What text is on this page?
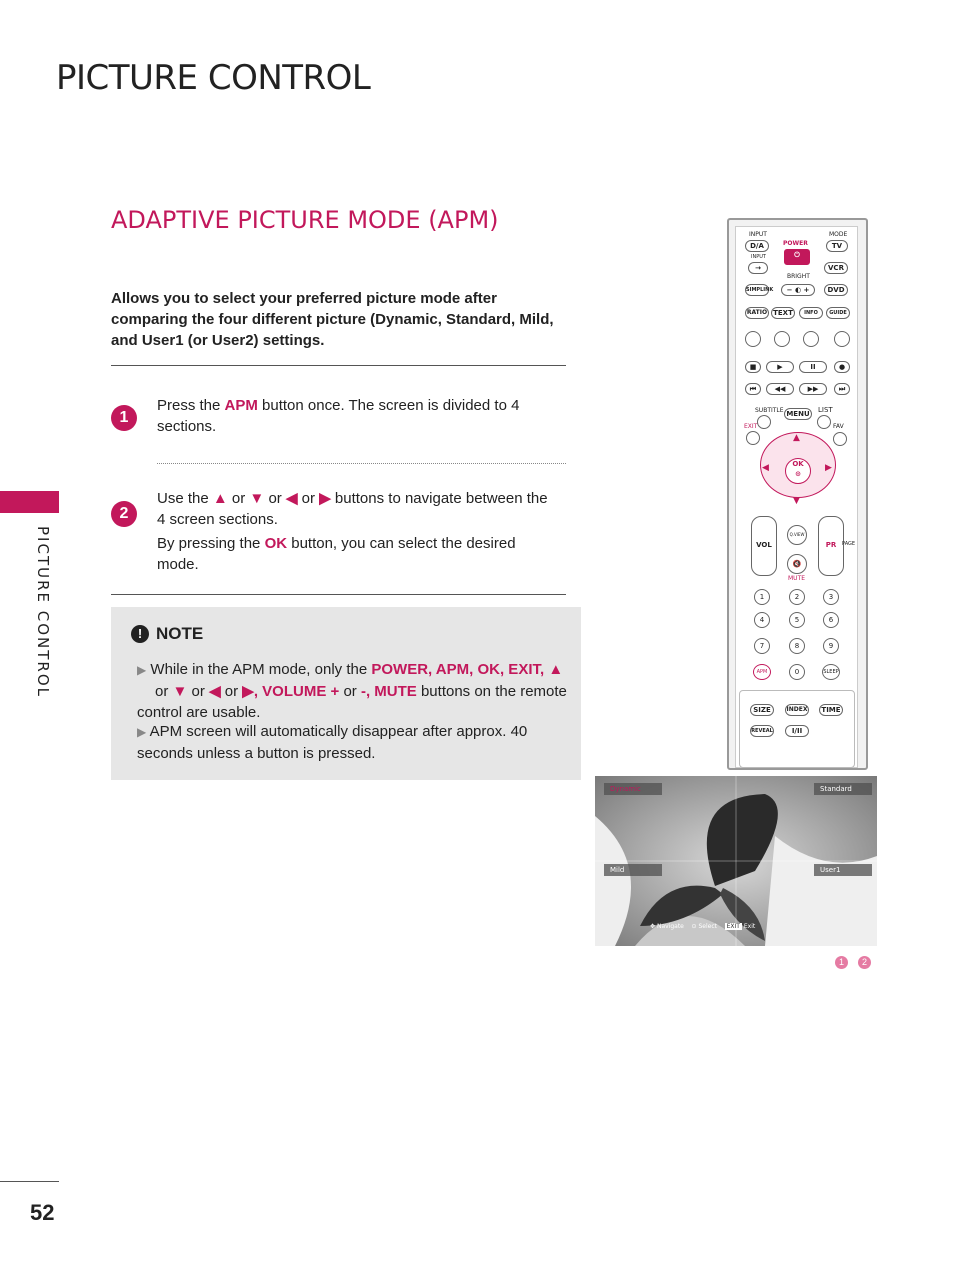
PICTURE CONTROL
PICTURE CONTROL
ADAPTIVE PICTURE MODE (APM)
Allows you to select your preferred picture mode after comparing the four different picture (Dynamic, Standard, Mild, and User1 (or User2) settings.
1
Press the APM button once. The screen is divided to 4 sections.
2
Use the ▲ or ▼ or ◀ or ▶ buttons to navigate between the 4 screen sections.
By pressing the OK button, you can select the desired mode.
! NOTE
▶ While in the APM mode, only the POWER, APM, OK, EXIT, ▲
or ▼ or ◀ or ▶, VOLUME + or -, MUTE buttons on the remote control are usable.
▶ APM screen will automatically disappear after approx. 40 seconds unless a button is pressed.
INPUT	MODE
D/A	POWER
⏻
TV
INPUT
→	VCR
BRIGHT
SIMPLINK	− ◐ +	DVD
RATIO TEXT	INFO	GUIDE
■	▶	II	●
⏮	◀◀	▶▶	⏭
SUBTITLE MENU	LIST
EXIT	FAV
▲
▼
◀	▶
OK
⊙
VOL
Q.VIEW
PR	PAGE
🔇
MUTE
1	2	3
4	5	6
7	8	9
APM	0	SLEEP
SIZE	INDEX	TIME
REVEAL	I/II
Dynamic	Standard
Mild	User1
✥ Navigate ⊙ Select EXIT Exit
1	2
52
